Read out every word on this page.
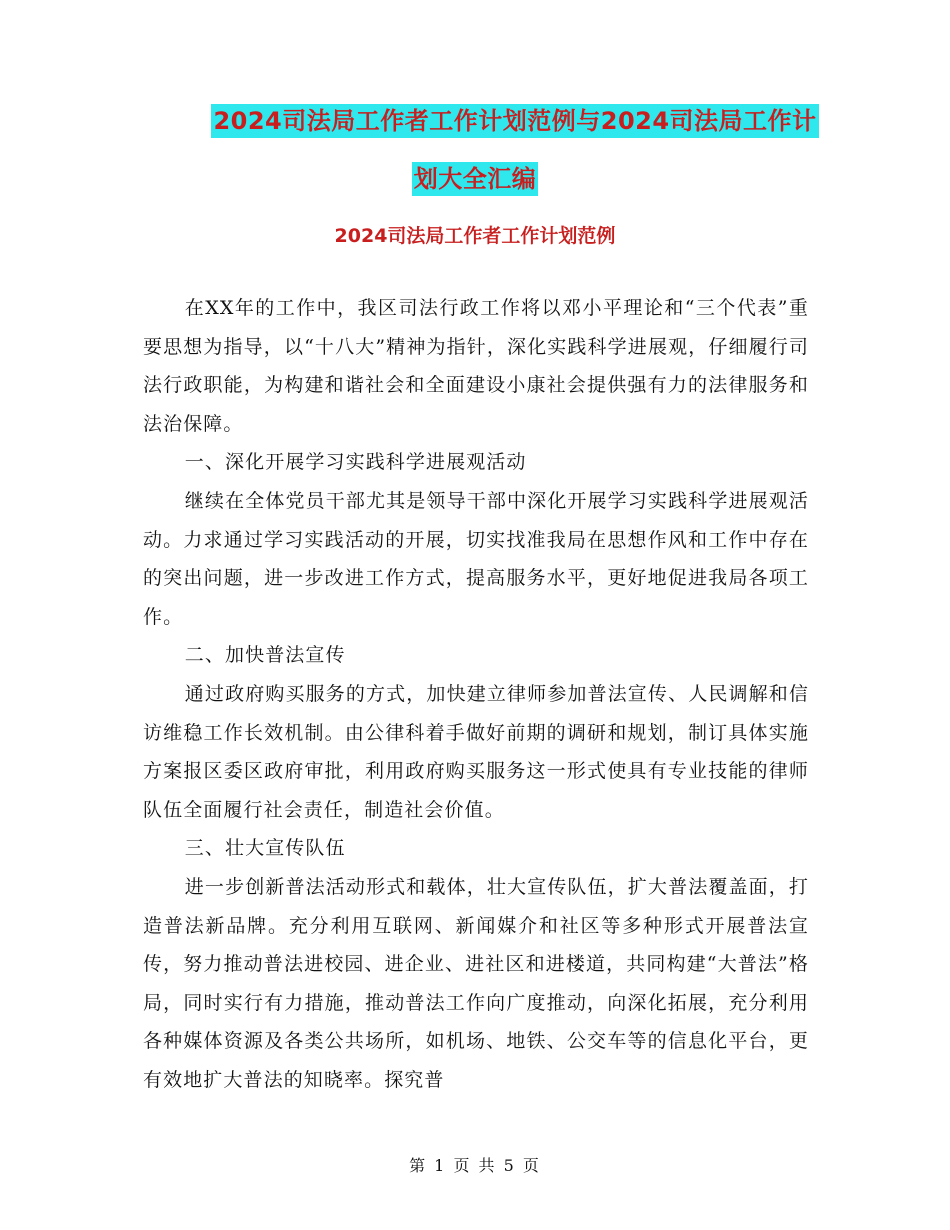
2024司法局工作者工作计划范例与2024司法局工作计
划大全汇编
2024司法局工作者工作计划范例

在XX年的工作中，我区司法行政工作将以邓小平理论和“三个代表”重要思想为指导，以“十八大”精神为指针，深化实践科学进展观，仔细履行司法行政职能，为构建和谐社会和全面建设小康社会提供强有力的法律服务和法治保障。

一、深化开展学习实践科学进展观活动

继续在全体党员干部尤其是领导干部中深化开展学习实践科学进展观活动。力求通过学习实践活动的开展，切实找准我局在思想作风和工作中存在的突出问题，进一步改进工作方式，提高服务水平，更好地促进我局各项工作。

二、加快普法宣传

通过政府购买服务的方式，加快建立律师参加普法宣传、人民调解和信访维稳工作长效机制。由公律科着手做好前期的调研和规划，制订具体实施方案报区委区政府审批，利用政府购买服务这一形式使具有专业技能的律师队伍全面履行社会责任，制造社会价值。

三、壮大宣传队伍

进一步创新普法活动形式和载体，壮大宣传队伍，扩大普法覆盖面，打造普法新品牌。充分利用互联网、新闻媒介和社区等多种形式开展普法宣传，努力推动普法进校园、进企业、进社区和进楼道，共同构建“大普法”格局，同时实行有力措施，推动普法工作向广度推动，向深化拓展，充分利用各种媒体资源及各类公共场所，如机场、地铁、公交车等的信息化平台，更有效地扩大普法的知晓率。探究普

第 1 页 共 5 页
